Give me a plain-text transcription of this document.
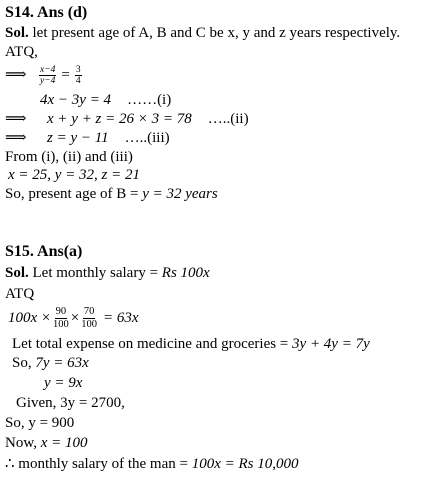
S14. Ans (d)
Sol. let present age of A, B and C be x, y and z years respectively.
ATQ,
⟹	$\frac{x-4}{y-4} = \frac{3}{4}$
4x − 3y = 4 ……(i)
⟹ x + y + z = 26 × 3 = 78 …..(ii)
⟹ z = y − 11 …..(iii)
From (i), (ii) and (iii)
x = 25, y = 32, z = 21
So, present age of B = y = 32 years
S15. Ans(a)
Sol. Let monthly salary = Rs 100x
ATQ
$100x \times \frac{90}{100} \times \frac{70}{100} = 63x$
Let total expense on medicine and groceries = 3y + 4y = 7y
So, 7y = 63x
y = 9x
Given, 3y = 2700,
So, y = 900
Now, x = 100
∴ monthly salary of the man = 100x = Rs 10,000
